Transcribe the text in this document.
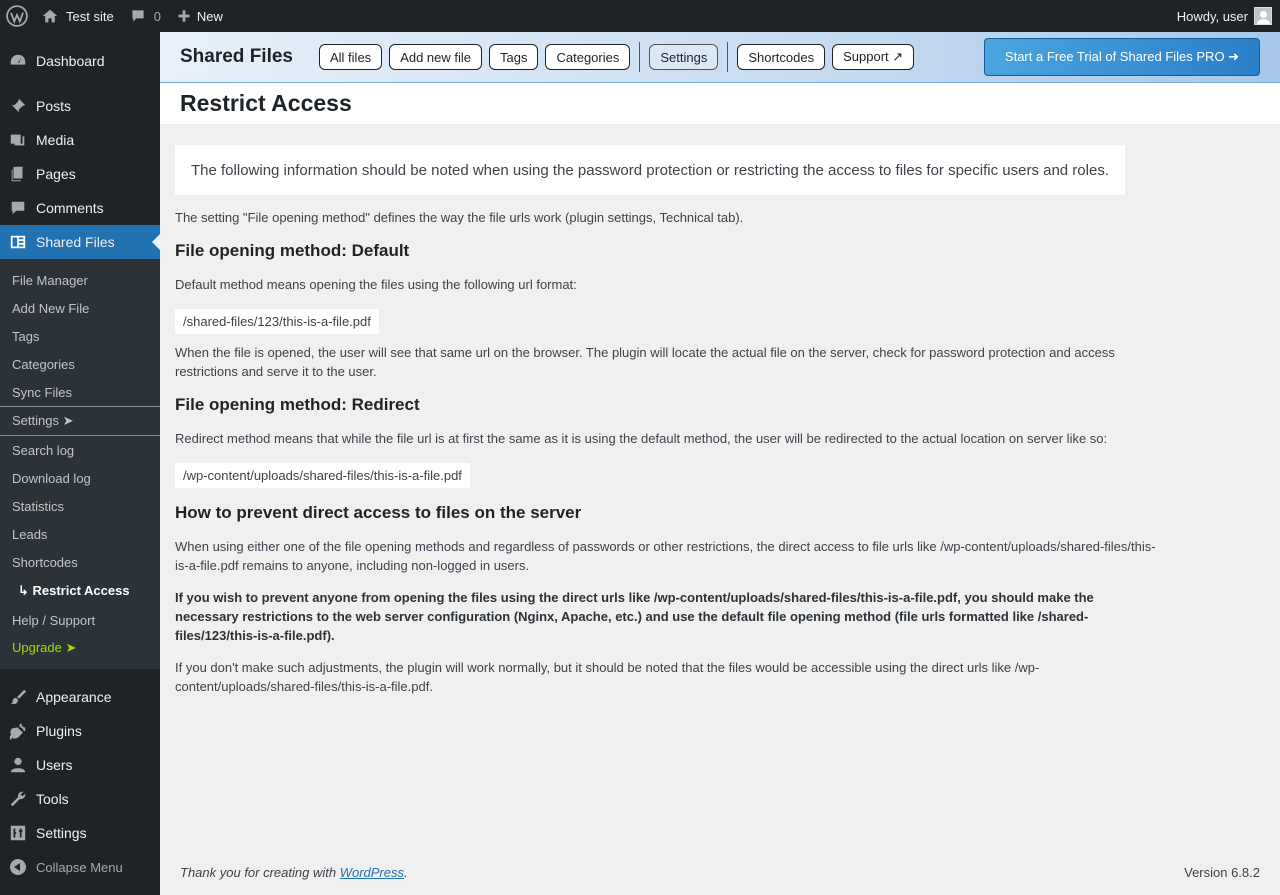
Test site	0	New	Howdy, user
Dashboard
Posts
Media
Pages
Comments
Shared Files
File Manager
Add New File
Tags
Categories
Sync Files
Settings ➤
Search log
Download log
Statistics
Leads
Shortcodes
↳ Restrict Access
Help / Support
Upgrade ➤
Appearance
Plugins
Users
Tools
Settings
Collapse Menu
Shared Files	All files	Add new file	Tags	Categories	Settings	Shortcodes	Support ↗	Start a Free Trial of Shared Files PRO ➜
Restrict Access
The following information should be noted when using the password protection or restricting the access to files for specific users and roles.

The setting "File opening method" defines the way the file urls work (plugin settings, Technical tab).

File opening method: Default

Default method means opening the files using the following url format:

/shared-files/123/this-is-a-file.pdf

When the file is opened, the user will see that same url on the browser. The plugin will locate the actual file on the server, check for password protection and access restrictions and serve it to the user.

File opening method: Redirect

Redirect method means that while the file url is at first the same as it is using the default method, the user will be redirected to the actual location on server like so:

/wp-content/uploads/shared-files/this-is-a-file.pdf
How to prevent direct access to files on the server

When using either one of the file opening methods and regardless of passwords or other restrictions, the direct access to file urls like /wp-content/uploads/shared-files/this-is-a-file.pdf remains to anyone, including non-logged in users.

If you wish to prevent anyone from opening the files using the direct urls like /wp-content/uploads/shared-files/this-is-a-file.pdf, you should make the necessary restrictions to the web server configuration (Nginx, Apache, etc.) and use the default file opening method (file urls formatted like /shared-files/123/this-is-a-file.pdf).

If you don't make such adjustments, the plugin will work normally, but it should be noted that the files would be accessible using the direct urls like /wp-content/uploads/shared-files/this-is-a-file.pdf.

Thank you for creating with WordPress.	Version 6.8.2
